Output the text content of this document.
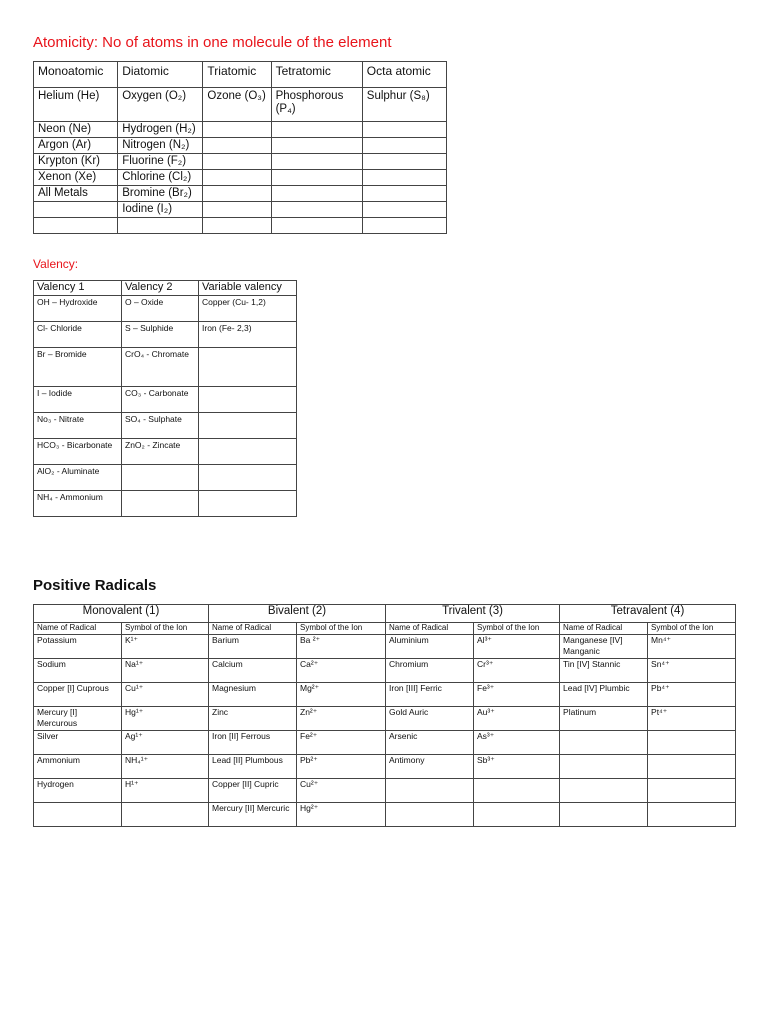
Atomicity: No of atoms in one molecule of the element
Monoatomic	Diatomic	Triatomic	Tetratomic	Octa atomic
Helium (He)	Oxygen (O₂)	Ozone (O₃)	Phosphorous (P₄)	Sulphur (S₈)
Neon (Ne)	Hydrogen (H₂)			
Argon (Ar)	Nitrogen (N₂)			
Krypton (Kr)	Fluorine (F₂)			
Xenon (Xe)	Chlorine (Cl₂)			
All Metals	Bromine (Br₂)			
	Iodine (I₂)			

Valency:
Valency 1	Valency 2	Variable valency
OH – Hydroxide	O – Oxide	Copper (Cu- 1,2)
Cl- Chloride	S – Sulphide	Iron (Fe- 2,3)
Br – Bromide	CrO₄ - Chromate	
I – Iodide	CO₃ - Carbonate	
No₃ - Nitrate	SO₄ - Sulphate	
HCO₃ - Bicarbonate	ZnO₂ - Zincate	
AlO₂ - Aluminate		
NH₄ - Ammonium		
Positive Radicals
Monovalent (1)		Bivalent (2)		Trivalent (3)		Tetravalent (4)	
Name of Radical	Symbol of the Ion	Name of Radical	Symbol of the Ion	Name of Radical	Symbol of the Ion	Name of Radical	Symbol of the Ion
Potassium	K¹⁺	Barium	Ba ²⁺	Aluminium	Al³⁺	Manganese [IV] Manganic	Mn⁴⁺
Sodium	Na¹⁺	Calcium	Ca²⁺	Chromium	Cr³⁺	Tin [IV] Stannic	Sn⁴⁺
Copper [I] Cuprous	Cu¹⁺	Magnesium	Mg²⁺	Iron [III] Ferric	Fe³⁺	Lead [IV] Plumbic	Pb⁴⁺
Mercury [I] Mercurous	Hg¹⁺	Zinc	Zn²⁺	Gold Auric	Au³⁺	Platinum	Pt⁴⁺
Silver	Ag¹⁺	Iron [II] Ferrous	Fe²⁺	Arsenic	As³⁺		
Ammonium	NH₄¹⁺	Lead [II] Plumbous	Pb²⁺	Antimony	Sb³⁺		
Hydrogen	H¹⁺	Copper [II] Cupric	Cu²⁺				
		Mercury [II] Mercuric	Hg²⁺				
